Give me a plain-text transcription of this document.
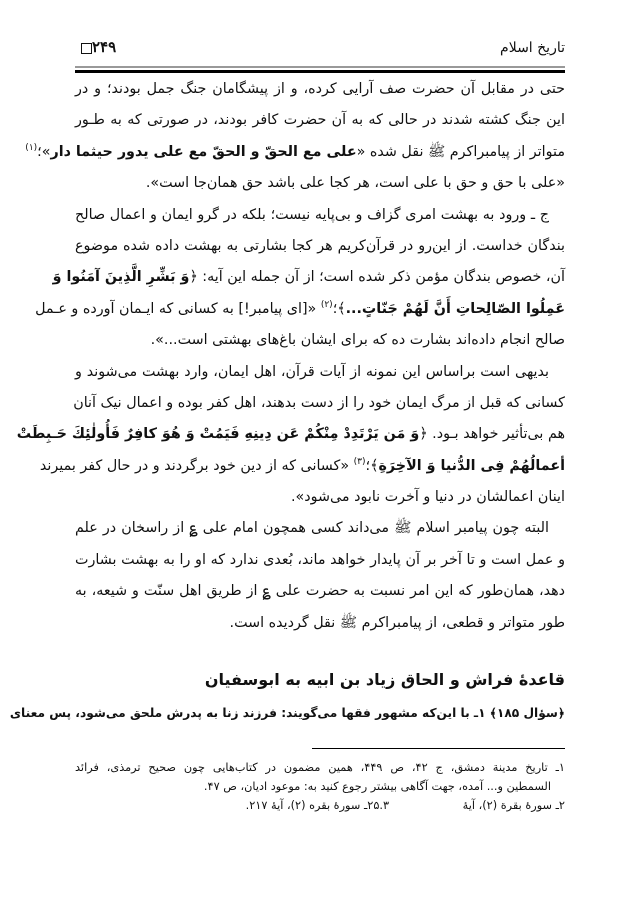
تاریخ اسلام
۲۴۹
حتی در مقابل آن حضرت صف آرایی کرده، و از پیشگامان جنگ جمل بودند؛ و در
این جنگ کشته شدند در حالی که به آن حضرت کافر بودند، در صورتی که به طـور
متواتر از پیامبراکرم ﷺ نقل شده «علی مع الحقّ و الحقّ مع علی یدور حیثما دار»؛$^{(۱)}$
«علی با حق و حق با علی است، هر کجا علی باشد حق همان‌جا است».
ج ـ ورود به بهشت امری گزاف و بی‌پایه نیست؛ بلکه در گرو ایمان و اعمال صالح
بندگان خداست. از این‌رو در قرآن‌کریم هر کجا بشارتی به بهشت داده شده موضوع
آن، خصوص بندگان مؤمن ذکر شده است؛ از آن جمله این آیه: ﴿وَ بَشِّرِ الَّذِینَ آمَنُوا وَ
عَمِلُوا الصّالِحاتِ أَنَّ لَهُمْ جَنّاتٍ...﴾؛$^{(۲)}$ «[ای پیامبر!] به کسانی که ایـمان آورده و عـمل
صالح انجام داده‌اند بشارت ده که برای ایشان باغ‌های بهشتی است...».
بدیهی است براساس این نمونه از آیات قرآن، اهل ایمان، وارد بهشت می‌شوند و
کسانی که قبل از مرگ ایمان خود را از دست بدهند، اهل کفر بوده و اعمال نیک آنان
هم بی‌تأثیر خواهد بـود. ﴿وَ مَن یَرْتَدِدْ مِنْکُمْ عَن دِینِهِ فَیَمُتْ وَ هُوَ کافِرٌ فَأُولٰئِكَ حَـبِطَتْ
أعمالُهُمْ فِی الدُّنیا وَ الآخِرَةِ﴾؛$^{(۳)}$ «کسانی که از دین خود برگردند و در حال کفر بمیرند
اینان اعمالشان در دنیا و آخرت نابود می‌شود».
البته چون پیامبر اسلام ﷺ می‌داند کسی همچون امام علی ؏ از راسخان در علم
و عمل است و تا آخر بر آن پایدار خواهد ماند، بُعدی ندارد که او را به بهشت بشارت
دهد، همان‌طور که این امر نسبت به حضرت علی ؏ از طریق اهل سنّت و شیعه، به
طور متواتر و قطعی، از پیامبراکرم ﷺ نقل گردیده است.
قاعدهٔ فراش و الحاق زیاد بن ابیه به ابوسفیان
﴿سؤال ۱۸۵﴾ ۱ـ با این‌که مشهور فقها می‌گویند: فرزند زنا به پدرش ملحق می‌شود، پس معنای
۱ـ تاریخ مدینة دمشق، ج ۴۲، ص ۴۴۹، همین مضمون در کتاب‌هایی چون صحیح ترمذی، فرائد
السمطین و... آمده، جهت آگاهی بیشتر رجوع کنید به: موعود ادیان، ص ۴۷.
۲ـ سورهٔ بقرة (۲)، آیهٔ ۲۵.۳ـ سورهٔ بقره (۲)، آیهٔ ۲۱۷.
